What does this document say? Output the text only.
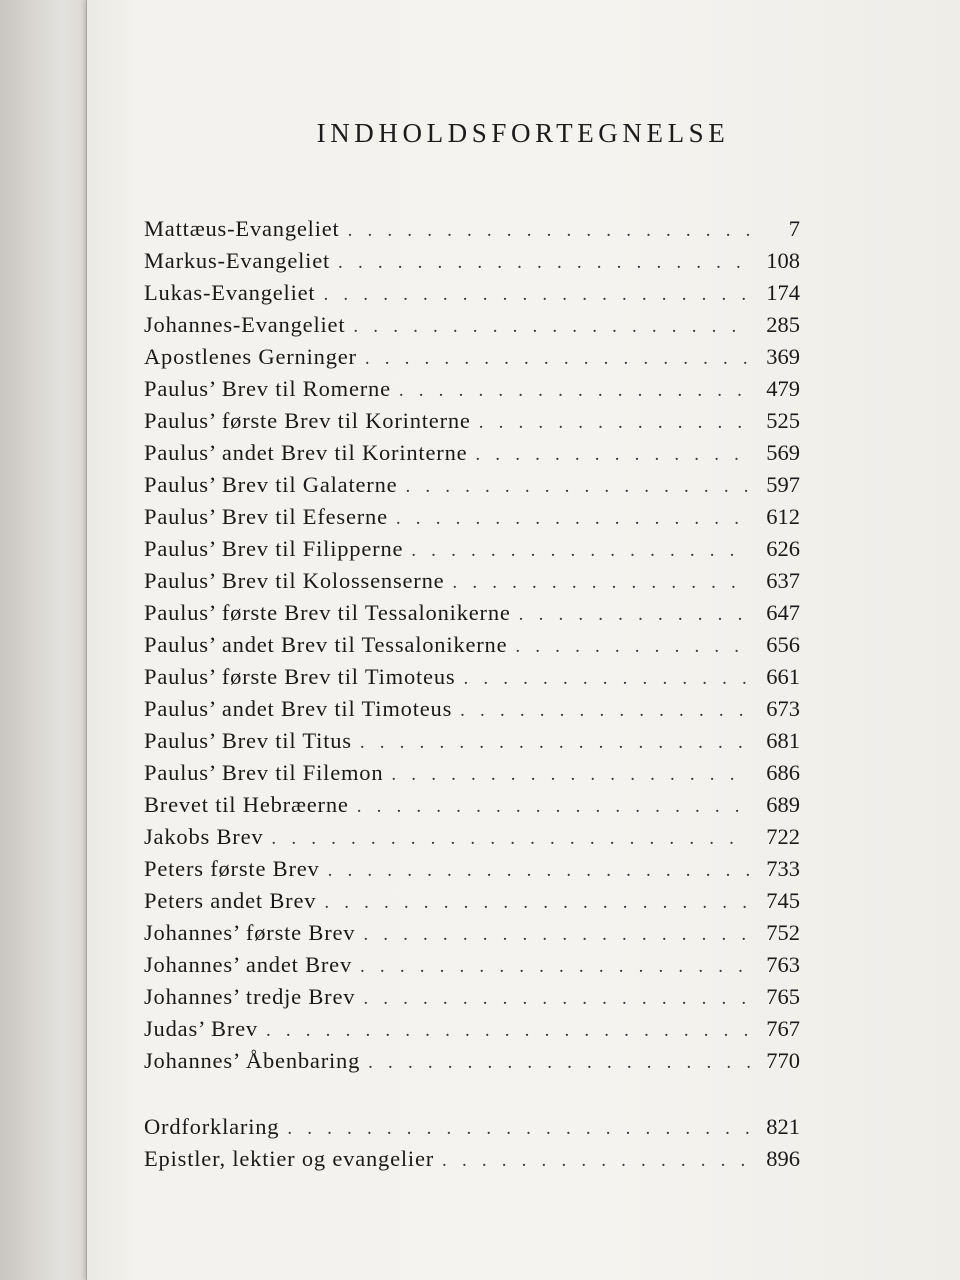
INDHOLDSFORTEGNELSE
Mattæus-Evangeliet . . .	7
Markus-Evangeliet . . .	108
Lukas-Evangeliet . . .	174
Johannes-Evangeliet . . .	285
Apostlenes Gerninger . . .	369
Paulus’ Brev til Romerne . . .	479
Paulus’ første Brev til Korinterne . . .	525
Paulus’ andet Brev til Korinterne . . .	569
Paulus’ Brev til Galaterne . . .	597
Paulus’ Brev til Efeserne . . .	612
Paulus’ Brev til Filipperne . . .	626
Paulus’ Brev til Kolossenserne . . .	637
Paulus’ første Brev til Tessalonikerne . . .	647
Paulus’ andet Brev til Tessalonikerne . . .	656
Paulus’ første Brev til Timoteus . . .	661
Paulus’ andet Brev til Timoteus . . .	673
Paulus’ Brev til Titus . . .	681
Paulus’ Brev til Filemon . . .	686
Brevet til Hebræerne . . .	689
Jakobs Brev . . .	722
Peters første Brev . . .	733
Peters andet Brev . . .	745
Johannes’ første Brev . . .	752
Johannes’ andet Brev . . .	763
Johannes’ tredje Brev . . .	765
Judas’ Brev . . .	767
Johannes’ Åbenbaring . . .	770
Ordforklaring . . .	821
Epistler, lektier og evangelier . . .	896
